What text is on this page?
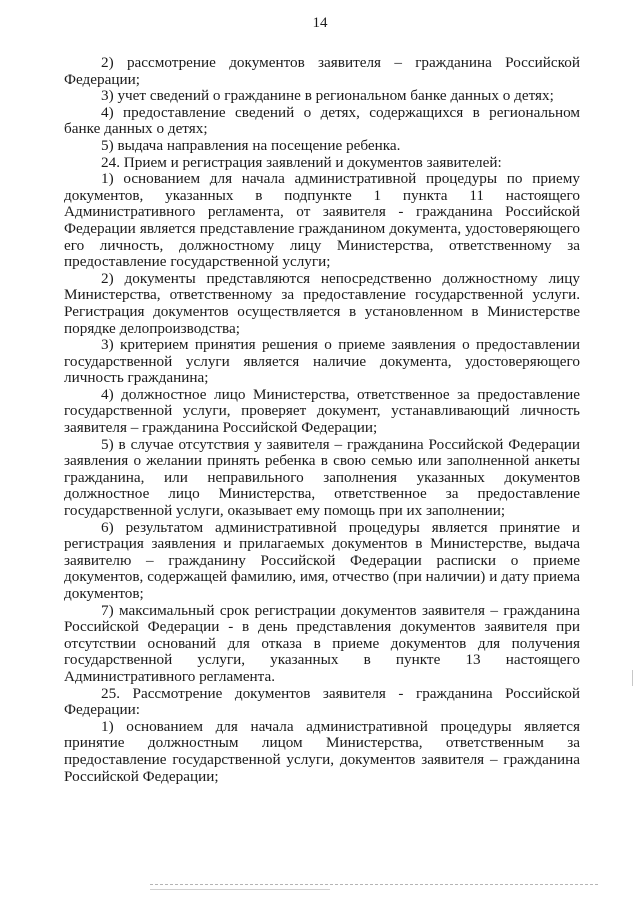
14

2) рассмотрение документов заявителя – гражданина Российской Федерации;

3) учет сведений о гражданине в региональном банке данных о детях;

4) предоставление сведений о детях, содержащихся в региональном банке данных о детях;

5) выдача направления на посещение ребенка.

24. Прием и регистрация заявлений и документов заявителей:

1) основанием для начала административной процедуры по приему документов, указанных в подпункте 1 пункта 11 настоящего Административного регламента, от заявителя - гражданина Российской Федерации является представление гражданином документа, удостоверяющего его личность, должностному лицу Министерства, ответственному за предоставление государственной услуги;

2) документы представляются непосредственно должностному лицу Министерства, ответственному за предоставление государственной услуги. Регистрация документов осуществляется в установленном в Министерстве порядке делопроизводства;

3) критерием принятия решения о приеме заявления о предоставлении государственной услуги является наличие документа, удостоверяющего личность гражданина;

4) должностное лицо Министерства, ответственное за предоставление государственной услуги, проверяет документ, устанавливающий личность заявителя – гражданина Российской Федерации;

5) в случае отсутствия у заявителя – гражданина Российской Федерации заявления о желании принять ребенка в свою семью или заполненной анкеты гражданина, или неправильного заполнения указанных документов должностное лицо Министерства, ответственное за предоставление государственной услуги, оказывает ему помощь при их заполнении;

6) результатом административной процедуры является принятие и регистрация заявления и прилагаемых документов в Министерстве, выдача заявителю – гражданину Российской Федерации расписки о приеме документов, содержащей фамилию, имя, отчество (при наличии) и дату приема документов;

7) максимальный срок регистрации документов заявителя – гражданина Российской Федерации - в день представления документов заявителя при отсутствии оснований для отказа в приеме документов для получения государственной услуги, указанных в пункте 13 настоящего Административного регламента.

25. Рассмотрение документов заявителя - гражданина Российской Федерации:

1) основанием для начала административной процедуры является принятие должностным лицом Министерства, ответственным за предоставление государственной услуги, документов заявителя – гражданина Российской Федерации;
